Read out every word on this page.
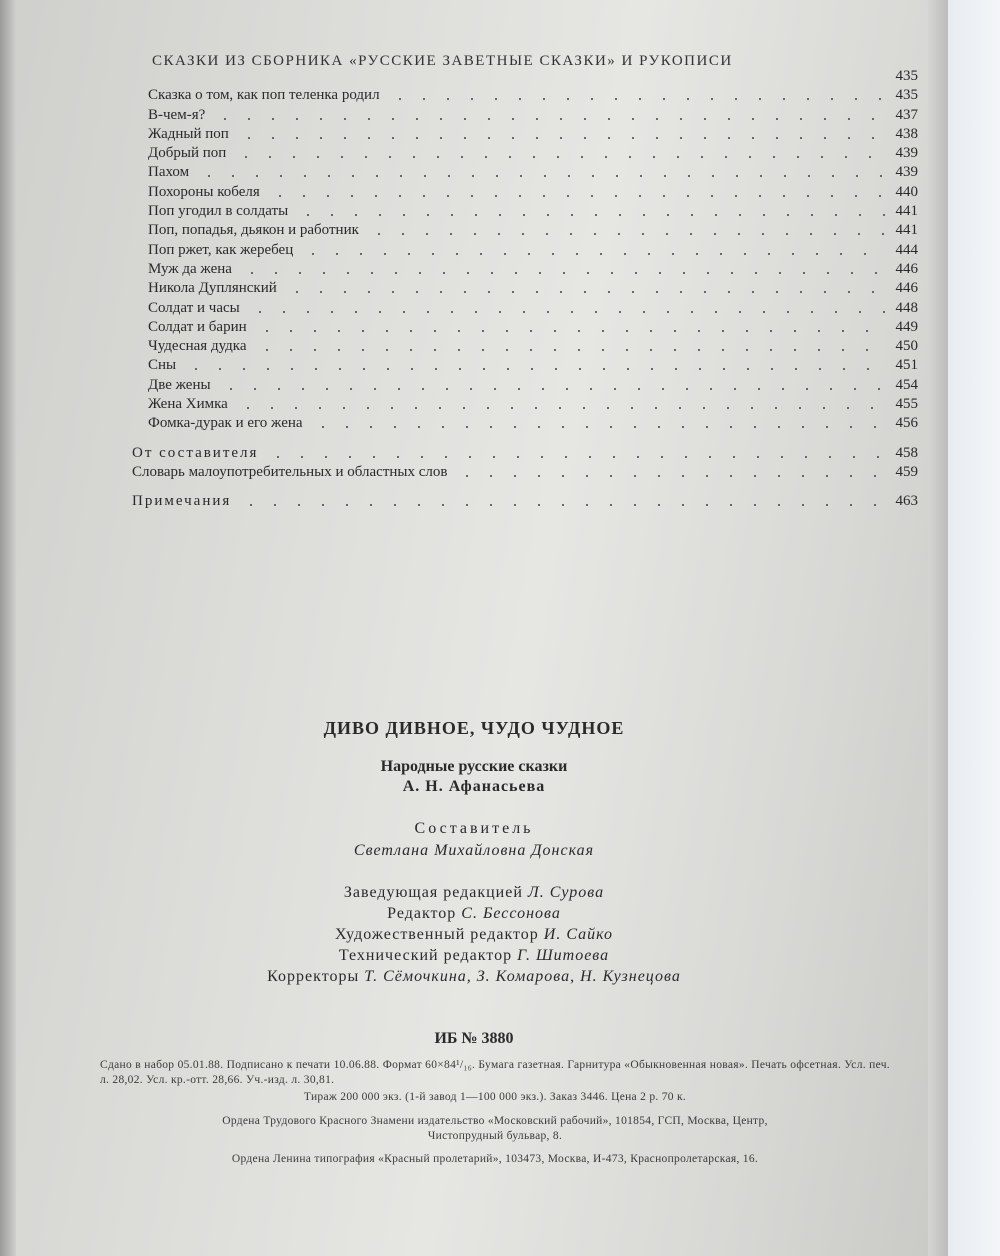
СКАЗКИ ИЗ СБОРНИКА «РУССКИЕ ЗАВЕТНЫЕ СКАЗКИ» И РУКОПИСИ
435
Сказка о том, как поп теленка родил	435
В-чем-я?	437
Жадный поп	438
Добрый поп	439
Пахом	439
Похороны кобеля	440
Поп угодил в солдаты	441
Поп, попадья, дьякон и работник	441
Поп ржет, как жеребец	444
Муж да жена	446
Никола Дуплянский	446
Солдат и часы	448
Солдат и барин	449
Чудесная дудка	450
Сны	451
Две жены	454
Жена Химка	455
Фомка-дурак и его жена	456
От составителя	458
Словарь малоупотребительных и областных слов	459
Примечания	463
ДИВО ДИВНОЕ, ЧУДО ЧУДНОЕ
Народные русские сказки
А. Н. Афанасьева
Составитель
Светлана Михайловна Донская
Заведующая редакцией Л. Сурова
Редактор С. Бессонова
Художественный редактор И. Сайко
Технический редактор Г. Шитоева
Корректоры Т. Сёмочкина, З. Комарова, Н. Кузнецова
ИБ № 3880
Сдано в набор 05.01.88. Подписано к печати 10.06.88. Формат 60×84¹/₁₆. Бумага газетная. Гарнитура «Обыкновенная новая». Печать офсетная. Усл. печ. л. 28,02. Усл. кр.-отт. 28,66. Уч.-изд. л. 30,81.
Тираж 200 000 экз. (1-й завод 1—100 000 экз.). Заказ 3446. Цена 2 р. 70 к.
Ордена Трудового Красного Знамени издательство «Московский рабочий», 101854, ГСП, Москва, Центр,
Чистопрудный бульвар, 8.
Ордена Ленина типография «Красный пролетарий», 103473, Москва, И-473, Краснопролетарская, 16.
